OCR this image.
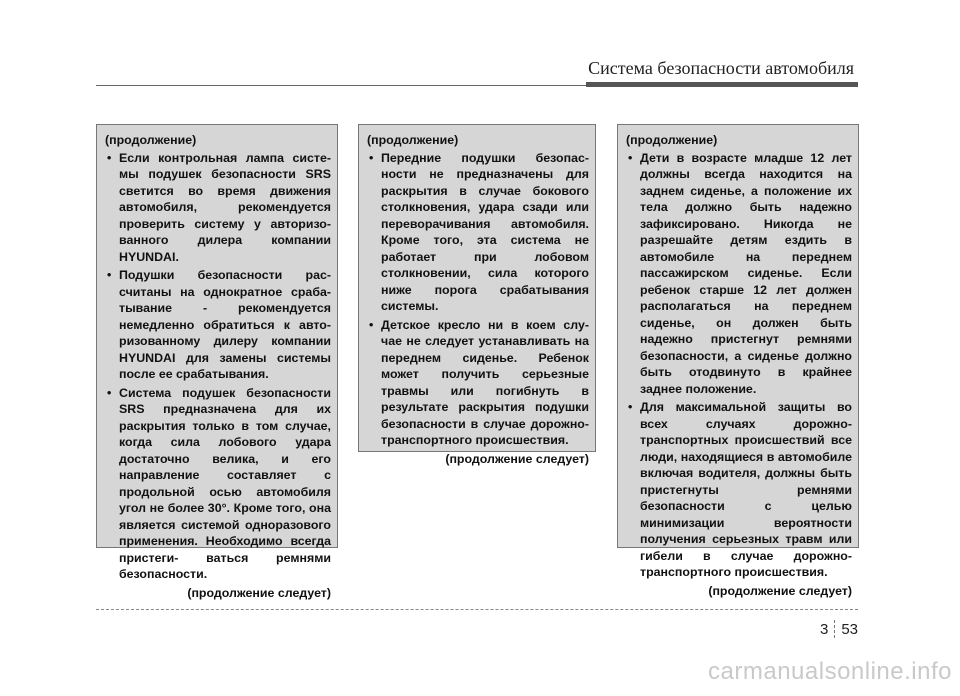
Система безопасности автомобиля
(продолжение)
• Если контрольная лампа систе- мы подушек безопасности SRS светится во время движения автомобиля, рекомендуется проверить систему у авторизо- ванного дилера компании HYUNDAI.
• Подушки безопасности рас- считаны на однократное сраба- тывание - рекомендуется немедленно обратиться к авто- ризованному дилеру компании HYUNDAI для замены системы после ее срабатывания.
• Система подушек безопасности SRS предназначена для их раскрытия только в том случае, когда сила лобового удара достаточно велика, и его направление составляет с продольной осью автомобиля угол не более 30°. Кроме того, она является системой одноразового применения. Необходимо всегда пристеги- ваться ремнями безопасности.
(продолжение следует)
(продолжение)
• Передние подушки безопас- ности не предназначены для раскрытия в случае бокового столкновения, удара сзади или переворачивания автомобиля. Кроме того, эта система не работает при лобовом столкновении, сила которого ниже порога срабатывания системы.
• Детское кресло ни в коем слу- чае не следует устанавливать на переднем сиденье. Ребенок может получить серьезные травмы или погибнуть в результате раскрытия подушки безопасности в случае дорожно-транспортного происшествия.
(продолжение следует)
(продолжение)
• Дети в возрасте младше 12 лет должны всегда находится на заднем сиденье, а положение их тела должно быть надежно зафиксировано. Никогда не разрешайте детям ездить в автомобиле на переднем пассажирском сиденье. Если ребенок старше 12 лет должен располагаться на переднем сиденье, он должен быть надежно пристегнут ремнями безопасности, а сиденье должно быть отодвинуто в крайнее заднее положение.
• Для максимальной защиты во всех случаях дорожно- транспортных происшествий все люди, находящиеся в автомобиле включая водителя, должны быть пристегнуты ремнями безопасности с целью минимизации вероятности получения серьезных травм или гибели в случае дорожно- транспортного происшествия.
(продолжение следует)
3 53
carmanualsonline.info
